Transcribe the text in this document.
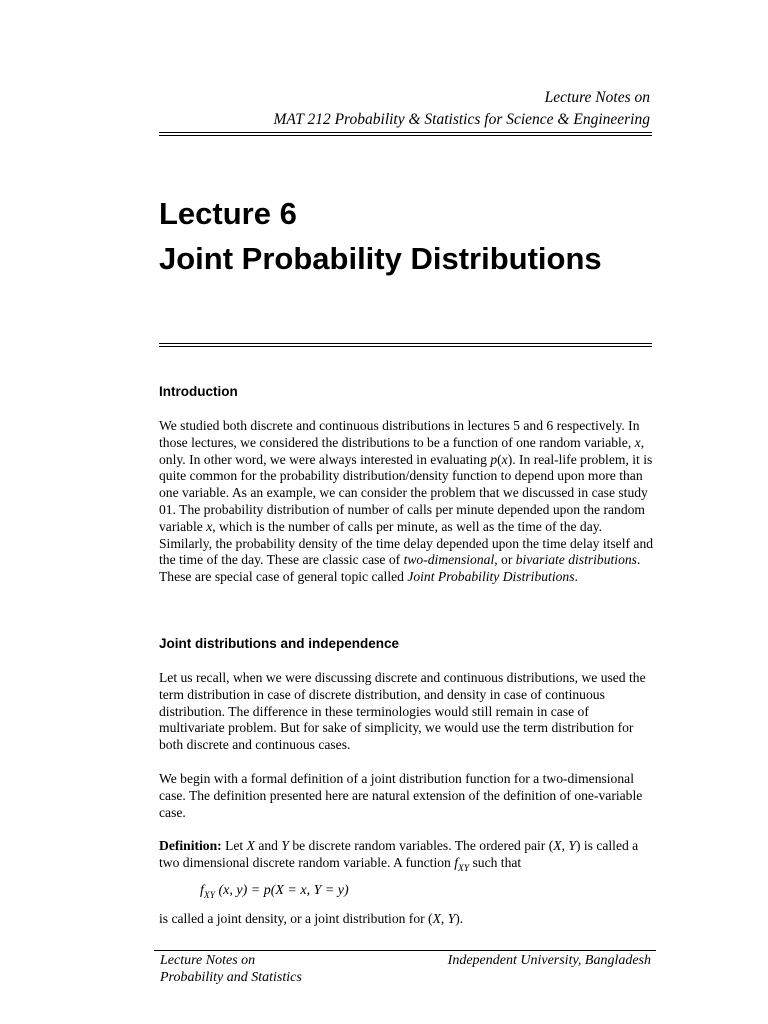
Lecture Notes on
MAT 212 Probability & Statistics for Science & Engineering
Lecture 6
Joint Probability Distributions
Introduction
We studied both discrete and continuous distributions in lectures 5 and 6 respectively. In those lectures, we considered the distributions to be a function of one random variable, x, only. In other word, we were always interested in evaluating p(x). In real-life problem, it is quite common for the probability distribution/density function to depend upon more than one variable. As an example, we can consider the problem that we discussed in case study 01. The probability distribution of number of calls per minute depended upon the random variable x, which is the number of calls per minute, as well as the time of the day. Similarly, the probability density of the time delay depended upon the time delay itself and the time of the day. These are classic case of two-dimensional, or bivariate distributions. These are special case of general topic called Joint Probability Distributions.
Joint distributions and independence
Let us recall, when we were discussing discrete and continuous distributions, we used the term distribution in case of discrete distribution, and density in case of continuous distribution. The difference in these terminologies would still remain in case of multivariate problem. But for sake of simplicity, we would use the term distribution for both discrete and continuous cases.
We begin with a formal definition of a joint distribution function for a two-dimensional case. The definition presented here are natural extension of the definition of one-variable case.
Definition: Let X and Y be discrete random variables. The ordered pair (X, Y) is called a two dimensional discrete random variable. A function $f_{XY}$ such that
$f_{XY}$ (x, y) = p(X = x, Y = y)
is called a joint density, or a joint distribution for (X, Y).
Lecture Notes on
Probability and Statistics
Independent University, Bangladesh
